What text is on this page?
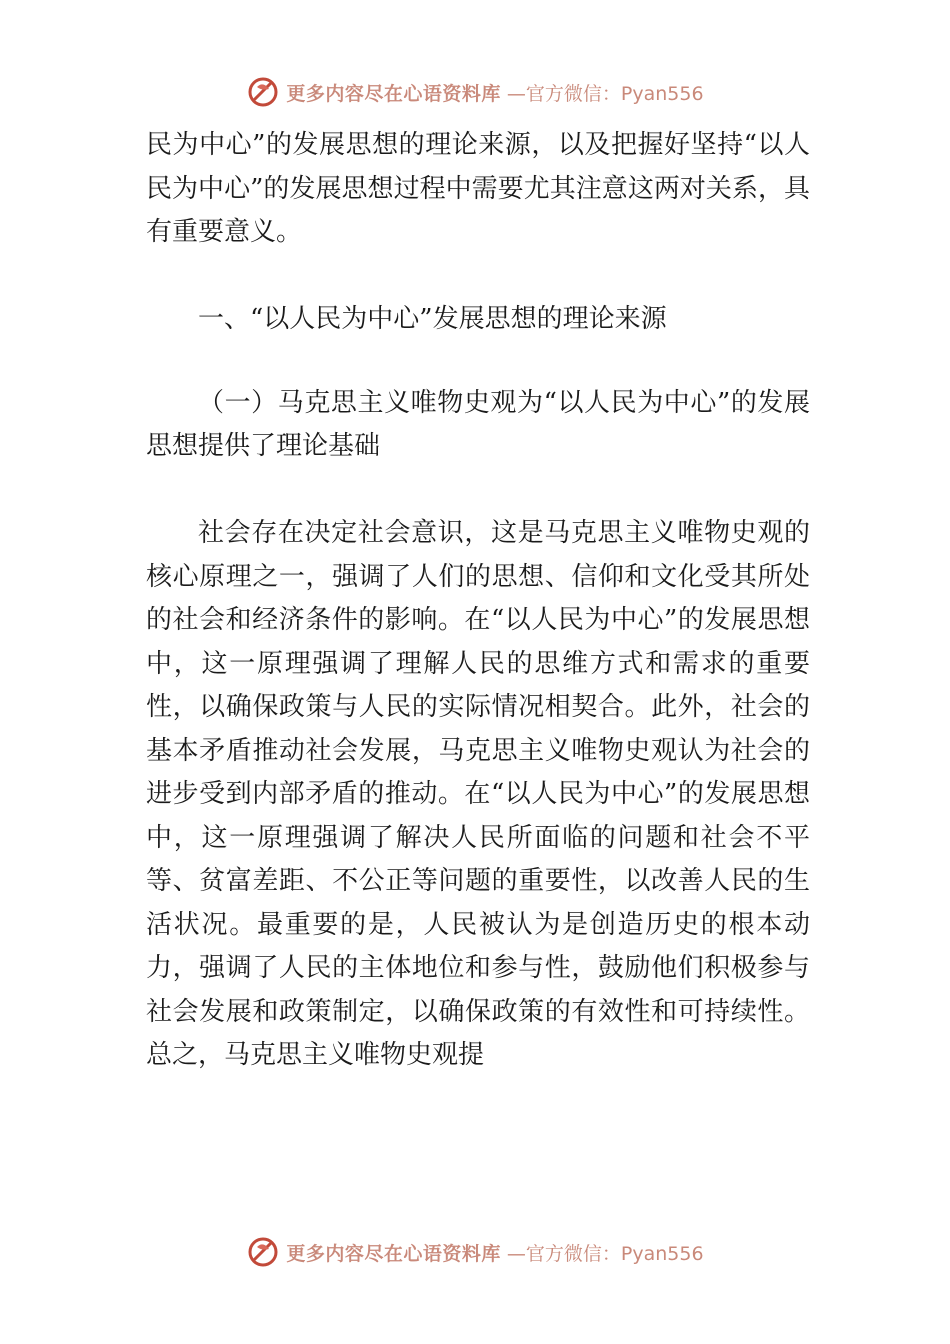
更多内容尽在心语资料库 —官方微信：Pyan556

民为中心”的发展思想的理论来源，以及把握好坚持“以人民为中心”的发展思想过程中需要尤其注意这两对关系，具有重要意义。

一、“以人民为中心”发展思想的理论来源

（一）马克思主义唯物史观为“以人民为中心”的发展思想提供了理论基础

社会存在决定社会意识，这是马克思主义唯物史观的核心原理之一，强调了人们的思想、信仰和文化受其所处的社会和经济条件的影响。在“以人民为中心”的发展思想中，这一原理强调了理解人民的思维方式和需求的重要性，以确保政策与人民的实际情况相契合。此外，社会的基本矛盾推动社会发展，马克思主义唯物史观认为社会的进步受到内部矛盾的推动。在“以人民为中心”的发展思想中，这一原理强调了解决人民所面临的问题和社会不平等、贫富差距、不公正等问题的重要性，以改善人民的生活状况。最重要的是，人民被认为是创造历史的根本动力，强调了人民的主体地位和参与性，鼓励他们积极参与社会发展和政策制定，以确保政策的有效性和可持续性。总之，马克思主义唯物史观提

更多内容尽在心语资料库 —官方微信：Pyan556
